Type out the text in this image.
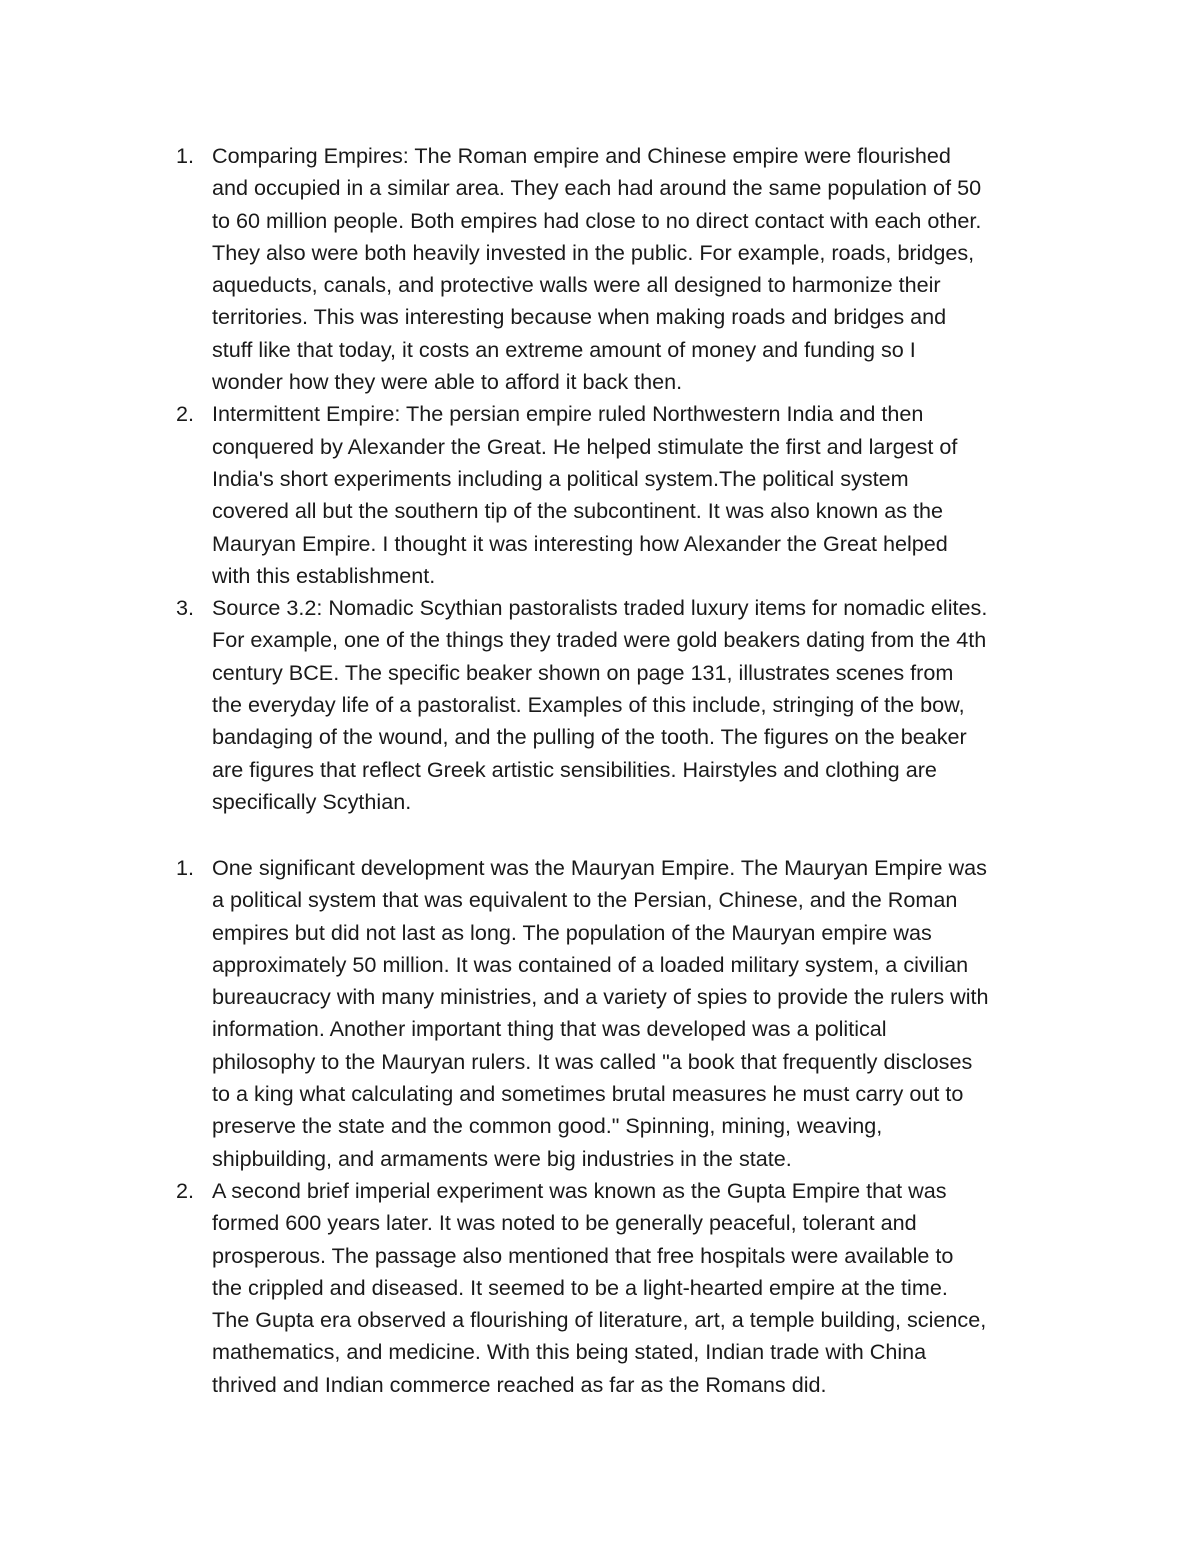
1. Comparing Empires: The Roman empire and Chinese empire were flourished
and occupied in a similar area. They each had around the same population of 50
to 60 million people. Both empires had close to no direct contact with each other.
They also were both heavily invested in the public. For example, roads, bridges,
aqueducts, canals, and protective walls were all designed to harmonize their
territories. This was interesting because when making roads and bridges and
stuff like that today, it costs an extreme amount of money and funding so I
wonder how they were able to afford it back then.
2. Intermittent Empire: The persian empire ruled Northwestern India and then
conquered by Alexander the Great. He helped stimulate the first and largest of
India's short experiments including a political system.The political system
covered all but the southern tip of the subcontinent. It was also known as the
Mauryan Empire. I thought it was interesting how Alexander the Great helped
with this establishment.
3. Source 3.2: Nomadic Scythian pastoralists traded luxury items for nomadic elites.
For example, one of the things they traded were gold beakers dating from the 4th
century BCE. The specific beaker shown on page 131, illustrates scenes from
the everyday life of a pastoralist. Examples of this include, stringing of the bow,
bandaging of the wound, and the pulling of the tooth. The figures on the beaker
are figures that reflect Greek artistic sensibilities. Hairstyles and clothing are
specifically Scythian.
1. One significant development was the Mauryan Empire. The Mauryan Empire was
a political system that was equivalent to the Persian, Chinese, and the Roman
empires but did not last as long. The population of the Mauryan empire was
approximately 50 million. It was contained of a loaded military system, a civilian
bureaucracy with many ministries, and a variety of spies to provide the rulers with
information. Another important thing that was developed was a political
philosophy to the Mauryan rulers. It was called "a book that frequently discloses
to a king what calculating and sometimes brutal measures he must carry out to
preserve the state and the common good." Spinning, mining, weaving,
shipbuilding, and armaments were big industries in the state.
2. A second brief imperial experiment was known as the Gupta Empire that was
formed 600 years later. It was noted to be generally peaceful, tolerant and
prosperous. The passage also mentioned that free hospitals were available to
the crippled and diseased. It seemed to be a light-hearted empire at the time.
The Gupta era observed a flourishing of literature, art, a temple building, science,
mathematics, and medicine. With this being stated, Indian trade with China
thrived and Indian commerce reached as far as the Romans did.
